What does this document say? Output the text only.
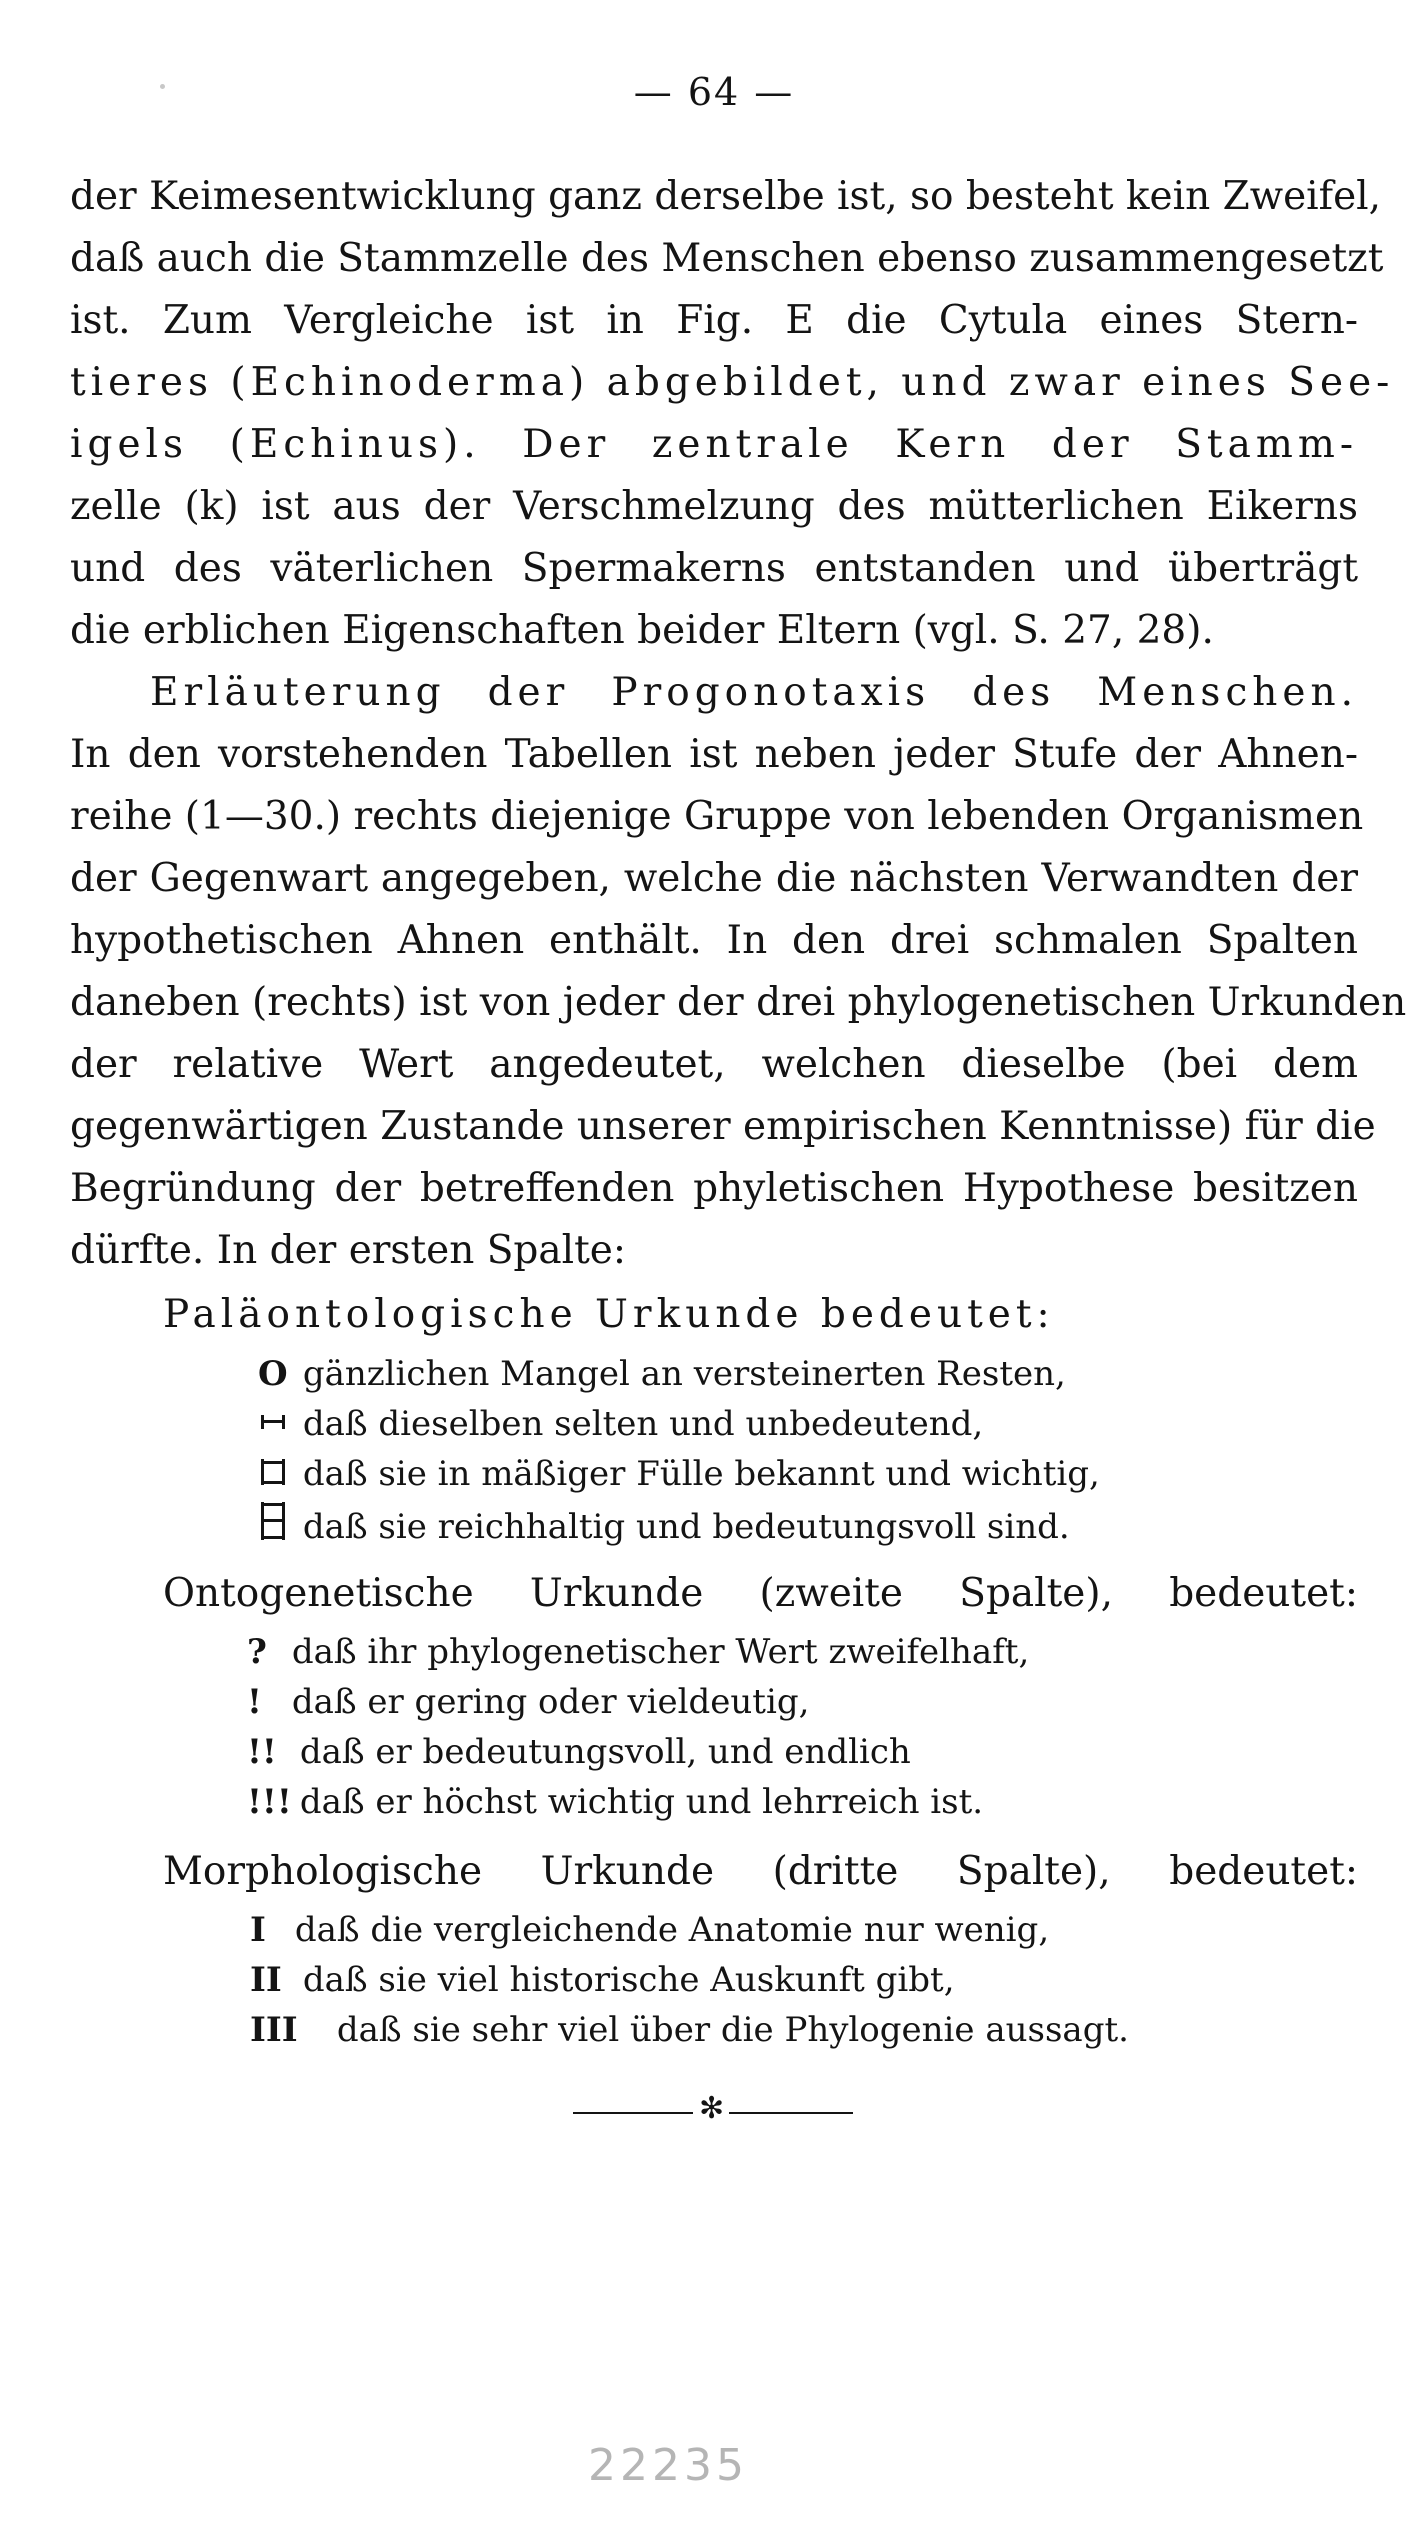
— 64 —
der Keimesentwicklung ganz derselbe ist, so besteht kein Zweifel,
daß auch die Stammzelle des Menschen ebenso zusammengesetzt
ist. Zum Vergleiche ist in Fig. E die Cytula eines Stern-
tieres (Echinoderma) abgebildet, und zwar eines See-
igels (Echinus). Der zentrale Kern der Stamm-
zelle (k) ist aus der Verschmelzung des mütterlichen Eikerns
und des väterlichen Spermakerns entstanden und überträgt
die erblichen Eigenschaften beider Eltern (vgl. S. 27, 28).
Erläuterung der Progonotaxis des Menschen.
In den vorstehenden Tabellen ist neben jeder Stufe der Ahnen-
reihe (1—30.) rechts diejenige Gruppe von lebenden Organismen
der Gegenwart angegeben, welche die nächsten Verwandten der
hypothetischen Ahnen enthält. In den drei schmalen Spalten
daneben (rechts) ist von jeder der drei phylogenetischen Urkunden
der relative Wert angedeutet, welchen dieselbe (bei dem
gegenwärtigen Zustande unserer empirischen Kenntnisse) für die
Begründung der betreffenden phyletischen Hypothese besitzen
dürfte. In der ersten Spalte:
Paläontologische Urkunde bedeutet:
O gänzlichen Mangel an versteinerten Resten,
daß dieselben selten und unbedeutend,
daß sie in mäßiger Fülle bekannt und wichtig,
daß sie reichhaltig und bedeutungsvoll sind.
Ontogenetische Urkunde (zweite Spalte), bedeutet:
? daß ihr phylogenetischer Wert zweifelhaft,
! daß er gering oder vieldeutig,
!! daß er bedeutungsvoll, und endlich
!!! daß er höchst wichtig und lehrreich ist.
Morphologische Urkunde (dritte Spalte), bedeutet:
I daß die vergleichende Anatomie nur wenig,
II daß sie viel historische Auskunft gibt,
III daß sie sehr viel über die Phylogenie aussagt.
✻
22235
